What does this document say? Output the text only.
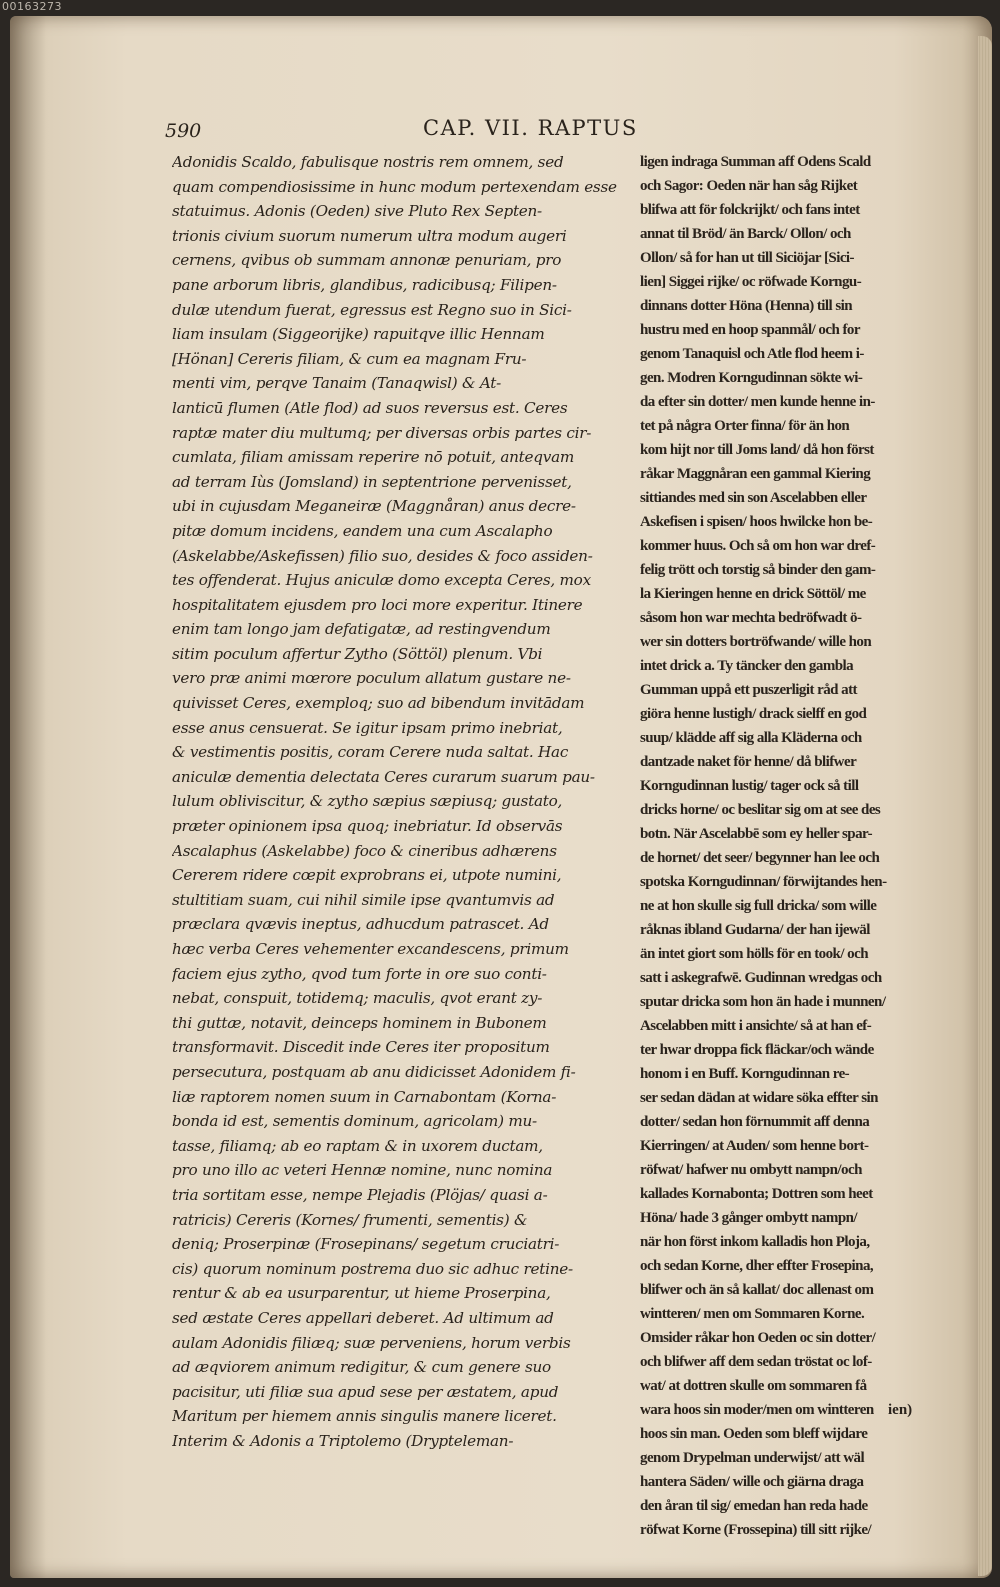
00163273
590	CAP. VII. RAPTUS
Adonidis Scaldo, fabulisque nostris rem omnem, sed
quam compendiosissime in hunc modum pertexendam esse
statuimus. Adonis (Oeden) sive Pluto Rex Septen-
trionis civium suorum numerum ultra modum augeri
cernens, qvibus ob summam annonæ penuriam, pro
pane arborum libris, glandibus, radicibusq; Filipen-
dulæ utendum fuerat, egressus est Regno suo in Sici-
liam insulam (Siggeorijke) rapuitqve illic Hennam
[Hönan] Cereris filiam, & cum ea magnam Fru-
menti vim, perqve Tanaim (Tanaqwisl) & At-
lanticū flumen (Atle flod) ad suos reversus est. Ceres
raptæ mater diu multumq; per diversas orbis partes cir-
cumlata, filiam amissam reperire nō potuit, anteqvam
ad terram Iùs (Jomsland) in septentrione pervenisset,
ubi in cujusdam Meganeiræ (Maggnåran) anus decre-
pitæ domum incidens, eandem una cum Ascalapho
(Askelabbe/Askefissen) filio suo, desides & foco assiden-
tes offenderat. Hujus aniculæ domo excepta Ceres, mox
hospitalitatem ejusdem pro loci more experitur. Itinere
enim tam longo jam defatigatæ, ad restingvendum
sitim poculum affertur Zytho (Söttöl) plenum. Vbi
vero præ animi mœrore poculum allatum gustare ne-
quivisset Ceres, exemploq; suo ad bibendum invitādam
esse anus censuerat. Se igitur ipsam primo inebriat,
& vestimentis positis, coram Cerere nuda saltat. Hac
aniculæ dementia delectata Ceres curarum suarum pau-
lulum obliviscitur, & zytho sæpius sæpiusq; gustato,
præter opinionem ipsa quoq; inebriatur. Id observās
Ascalaphus (Askelabbe) foco & cineribus adhærens
Cererem ridere cœpit exprobrans ei, utpote numini,
stultitiam suam, cui nihil simile ipse qvantumvis ad
præclara qvævis ineptus, adhucdum patrascet. Ad
hæc verba Ceres vehementer excandescens, primum
faciem ejus zytho, qvod tum forte in ore suo conti-
nebat, conspuit, totidemq; maculis, qvot erant zy-
thi guttæ, notavit, deinceps hominem in Bubonem
transformavit. Discedit inde Ceres iter propositum
persecutura, postquam ab anu didicisset Adonidem fi-
liæ raptorem nomen suum in Carnabontam (Korna-
bonda id est, sementis dominum, agricolam) mu-
tasse, filiamq; ab eo raptam & in uxorem ductam,
pro uno illo ac veteri Hennæ nomine, nunc nomina
tria sortitam esse, nempe Plejadis (Plöjas/ quasi a-
ratricis) Cereris (Kornes/ frumenti, sementis) &
deniq; Proserpinæ (Frosepinans/ segetum cruciatri-
cis) quorum nominum postrema duo sic adhuc retine-
rentur & ab ea usurparentur, ut hieme Proserpina,
sed æstate Ceres appellari deberet. Ad ultimum ad
aulam Adonidis filiæq; suæ perveniens, horum verbis
ad æqviorem animum redigitur, & cum genere suo
pacisitur, uti filiæ sua apud sese per æstatem, apud
Maritum per hiemem annis singulis manere liceret.
Interim & Adonis a Triptolemo (Drypteleman-
ligen indraga Summan aff Odens Scald
och Sagor: Oeden när han såg Rijket
blifwa att för folckrijkt/ och fans intet
annat til Bröd/ än Barck/ Ollon/ och
Ollon/ så for han ut till Siciöjar [Sici-
lien] Siggei rijke/ oc röfwade Korngu-
dinnans dotter Höna (Henna) till sin
hustru med en hoop spanmål/ och for
genom Tanaquisl och Atle flod heem i-
gen. Modren Korngudinnan sökte wi-
da efter sin dotter/ men kunde henne in-
tet på några Orter finna/ för än hon
kom hijt nor till Joms land/ då hon först
råkar Maggnåran een gammal Kiering
sittiandes med sin son Ascelabben eller
Askefisen i spisen/ hoos hwilcke hon be-
kommer huus. Och så om hon war dref-
felig trött och torstig så binder den gam-
la Kieringen henne en drick Söttöl/ me
såsom hon war mechta bedröfwadt ö-
wer sin dotters bortröfwande/ wille hon
intet drick a. Ty täncker den gambla
Gumman uppå ett puszerligit råd att
giöra henne lustigh/ drack sielff en god
suup/ klädde aff sig alla Kläderna och
dantzade naket för henne/ då blifwer
Korngudinnan lustig/ tager ock så till
dricks horne/ oc beslitar sig om at see des
botn. När Ascelabbē som ey heller spar-
de hornet/ det seer/ begynner han lee och
spotska Korngudinnan/ förwijtandes hen-
ne at hon skulle sig full dricka/ som wille
råknas ibland Gudarna/ der han ijewäl
än intet giort som hölls för en took/ och
satt i askegrafwē. Gudinnan wredgas och
sputar dricka som hon än hade i munnen/
Ascelabben mitt i ansichte/ så at han ef-
ter hwar droppa fick fläckar/och wände
honom i en Buff. Korngudinnan re-
ser sedan dädan at widare söka effter sin
dotter/ sedan hon förnummit aff denna
Kierringen/ at Auden/ som henne bort-
röfwat/ hafwer nu ombytt nampn/och
kallades Kornabonta; Dottren som heet
Höna/ hade 3 gånger ombytt nampn/
när hon först inkom kalladis hon Ploja,
och sedan Korne, dher effter Frosepina,
blifwer och än så kallat/ doc allenast om
wintteren/ men om Sommaren Korne.
Omsider råkar hon Oeden oc sin dotter/
och blifwer aff dem sedan tröstat oc lof-
wat/ at dottren skulle om sommaren få
wara hoos sin moder/men om wintteren
hoos sin man. Oeden som bleff wijdare
genom Drypelman underwijst/ att wäl
hantera Säden/ wille och giärna draga
den åran til sig/ emedan han reda hade
röfwat Korne (Frossepina) till sitt rijke/
ien)
